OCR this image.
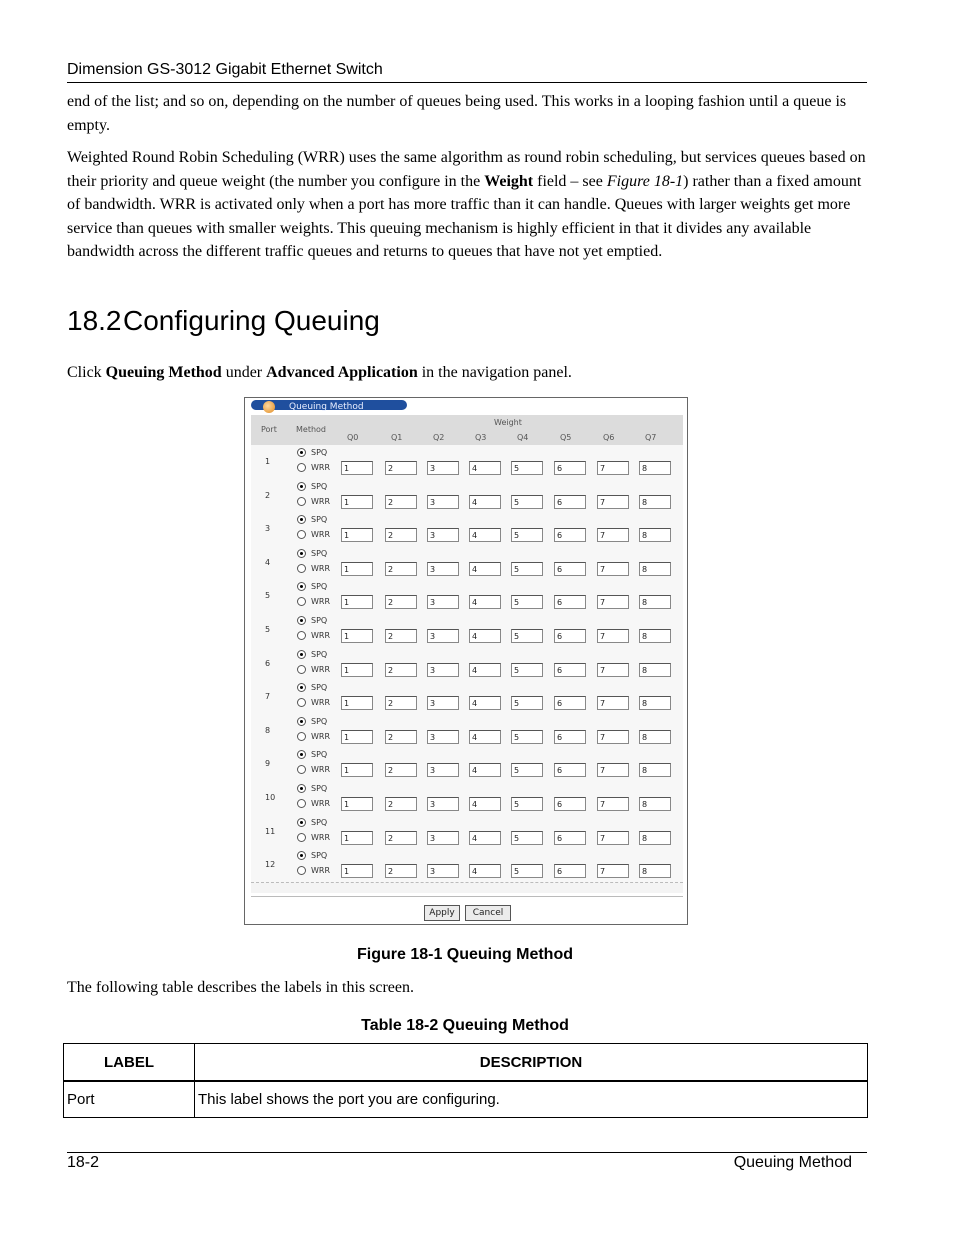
Dimension GS-3012 Gigabit Ethernet Switch
end of the list; and so on, depending on the number of queues being used. This works in a looping fashion until a queue is empty.
Weighted Round Robin Scheduling (WRR) uses the same algorithm as round robin scheduling, but services queues based on their priority and queue weight (the number you configure in the Weight field – see Figure 18-1) rather than a fixed amount of bandwidth. WRR is activated only when a port has more traffic than it can handle. Queues with larger weights get more service than queues with smaller weights. This queuing mechanism is highly efficient in that it divides any available bandwidth across the different traffic queues and returns to queues that have not yet emptied.
18.2Configuring Queuing
Click Queuing Method under Advanced Application in the navigation panel.
Queuing Method
Port Method
Weight
Q0	Q1	Q2	Q3	Q4	Q5	Q6	Q7
1
SPQ
WRR	1	2	3	4	5	6	7	8
2
SPQ
WRR	1	2	3	4	5	6	7	8
3
SPQ
WRR	1	2	3	4	5	6	7	8
4
SPQ
WRR	1	2	3	4	5	6	7	8
5
SPQ
WRR	1	2	3	4	5	6	7	8
5
SPQ
WRR	1	2	3	4	5	6	7	8
6
SPQ
WRR	1	2	3	4	5	6	7	8
7
SPQ
WRR	1	2	3	4	5	6	7	8
8
SPQ
WRR	1	2	3	4	5	6	7	8
9
SPQ
WRR	1	2	3	4	5	6	7	8
10
SPQ
WRR	1	2	3	4	5	6	7	8
11
SPQ
WRR	1	2	3	4	5	6	7	8
12
SPQ
WRR	1	2	3	4	5	6	7	8
Apply	Cancel
Figure 18-1 Queuing Method
The following table describes the labels in this screen.
Table 18-2 Queuing Method
LABEL	DESCRIPTION
Port	This label shows the port you are configuring.
18-2	Queuing Method
